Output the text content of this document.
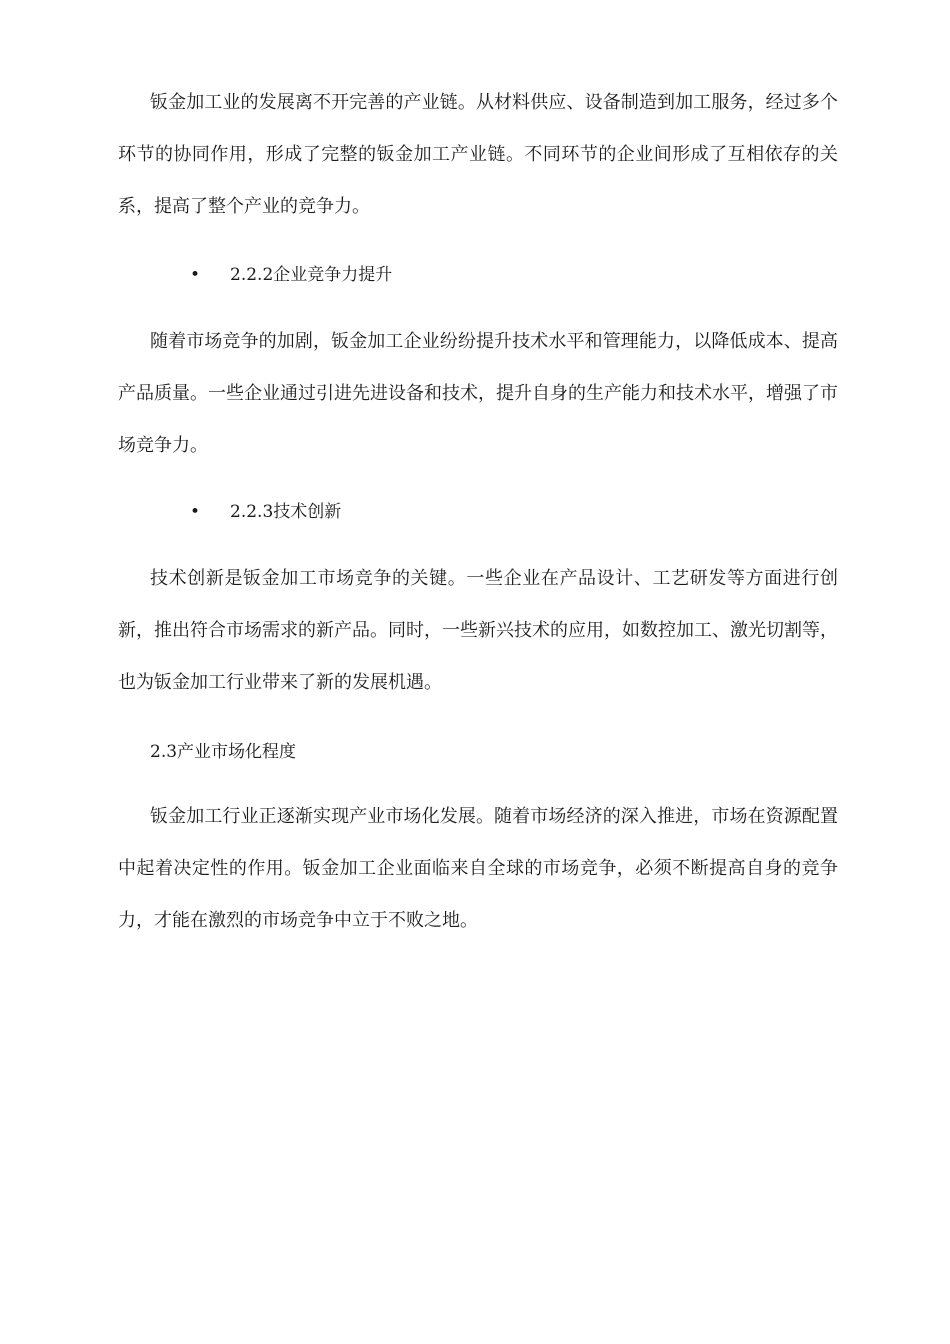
钣金加工业的发展离不开完善的产业链。从材料供应、设备制造到加工服务，经过多个环节的协同作用，形成了完整的钣金加工产业链。不同环节的企业间形成了互相依存的关系，提高了整个产业的竞争力。

• 2.2.2企业竞争力提升

随着市场竞争的加剧，钣金加工企业纷纷提升技术水平和管理能力，以降低成本、提高产品质量。一些企业通过引进先进设备和技术，提升自身的生产能力和技术水平，增强了市场竞争力。

• 2.2.3技术创新

技术创新是钣金加工市场竞争的关键。一些企业在产品设计、工艺研发等方面进行创新，推出符合市场需求的新产品。同时，一些新兴技术的应用，如数控加工、激光切割等，也为钣金加工行业带来了新的发展机遇。

2.3产业市场化程度

钣金加工行业正逐渐实现产业市场化发展。随着市场经济的深入推进，市场在资源配置中起着决定性的作用。钣金加工企业面临来自全球的市场竞争，必须不断提高自身的竞争力，才能在激烈的市场竞争中立于不败之地。
